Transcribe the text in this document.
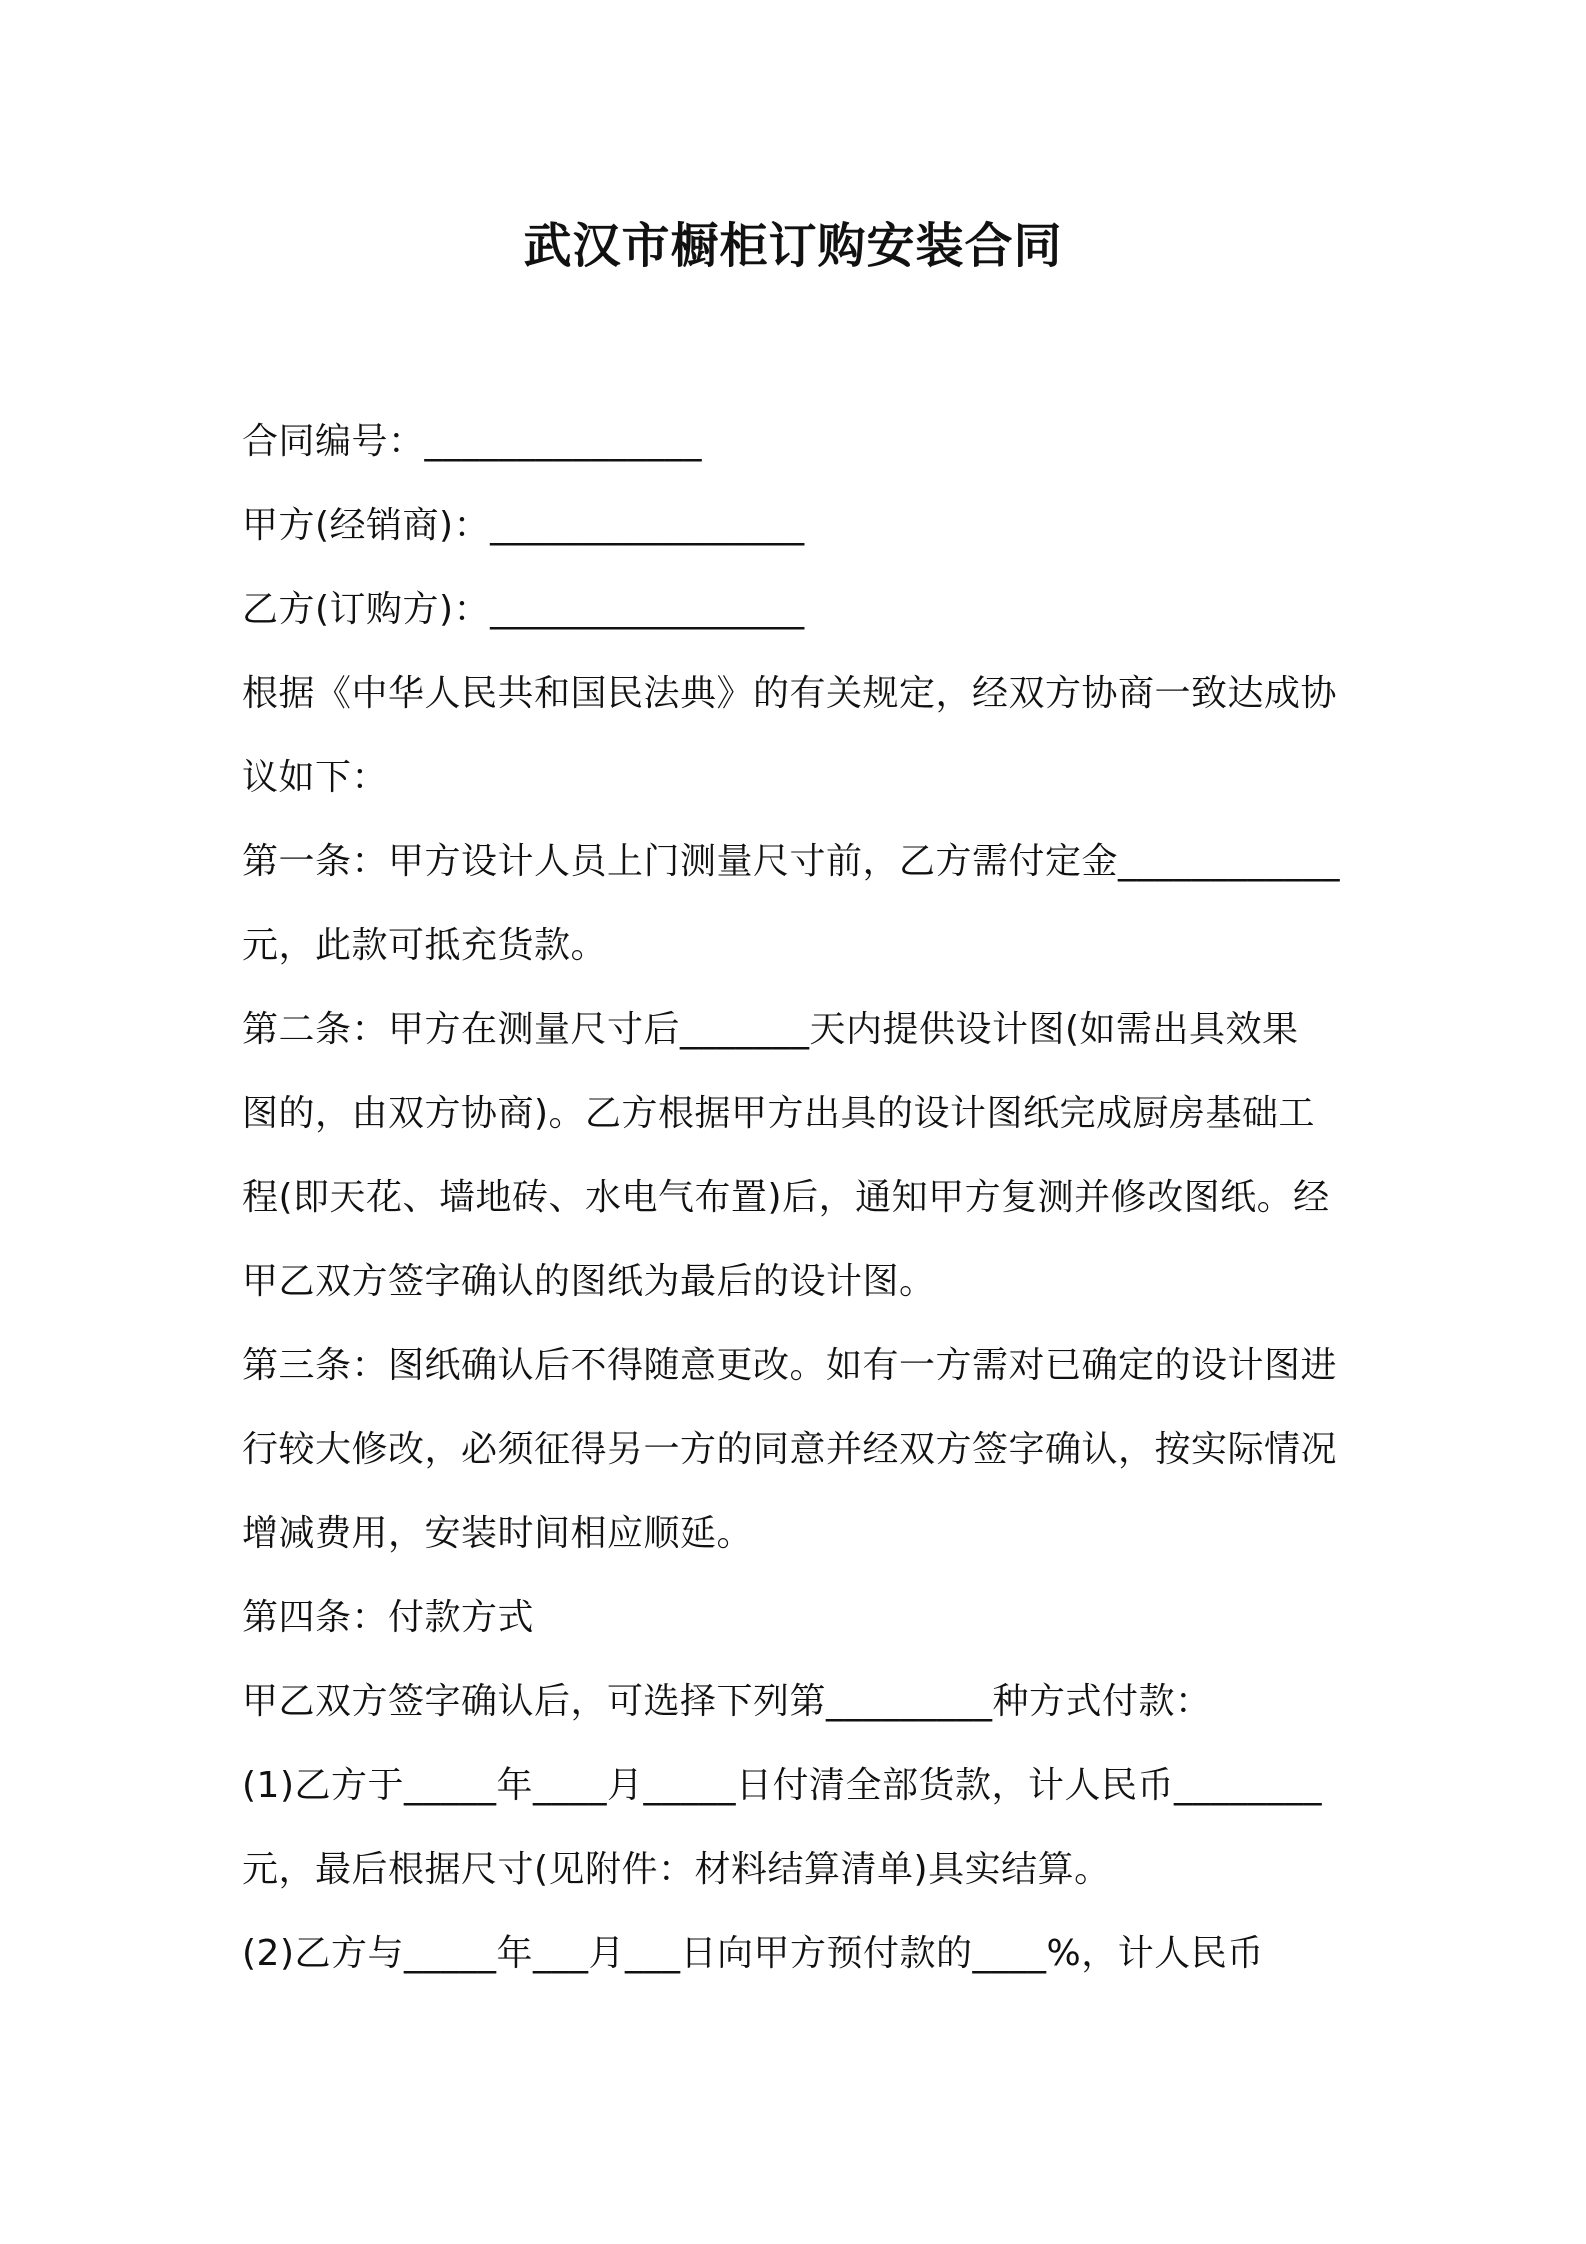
武汉市橱柜订购安装合同
合同编号：_______________
甲方(经销商)：_________________
乙方(订购方)：_________________
根据《中华人民共和国民法典》的有关规定，经双方协商一致达成协
议如下：
第一条：甲方设计人员上门测量尺寸前，乙方需付定金____________
元，此款可抵充货款。
第二条：甲方在测量尺寸后_______天内提供设计图(如需出具效果
图的，由双方协商)。乙方根据甲方出具的设计图纸完成厨房基础工
程(即天花、墙地砖、水电气布置)后，通知甲方复测并修改图纸。经
甲乙双方签字确认的图纸为最后的设计图。
第三条：图纸确认后不得随意更改。如有一方需对已确定的设计图进
行较大修改，必须征得另一方的同意并经双方签字确认，按实际情况
增减费用，安装时间相应顺延。
第四条：付款方式
甲乙双方签字确认后，可选择下列第_________种方式付款：
(1)乙方于_____年____月_____日付清全部货款，计人民币________
元，最后根据尺寸(见附件：材料结算清单)具实结算。
(2)乙方与_____年___月___日向甲方预付款的____%，计人民币
